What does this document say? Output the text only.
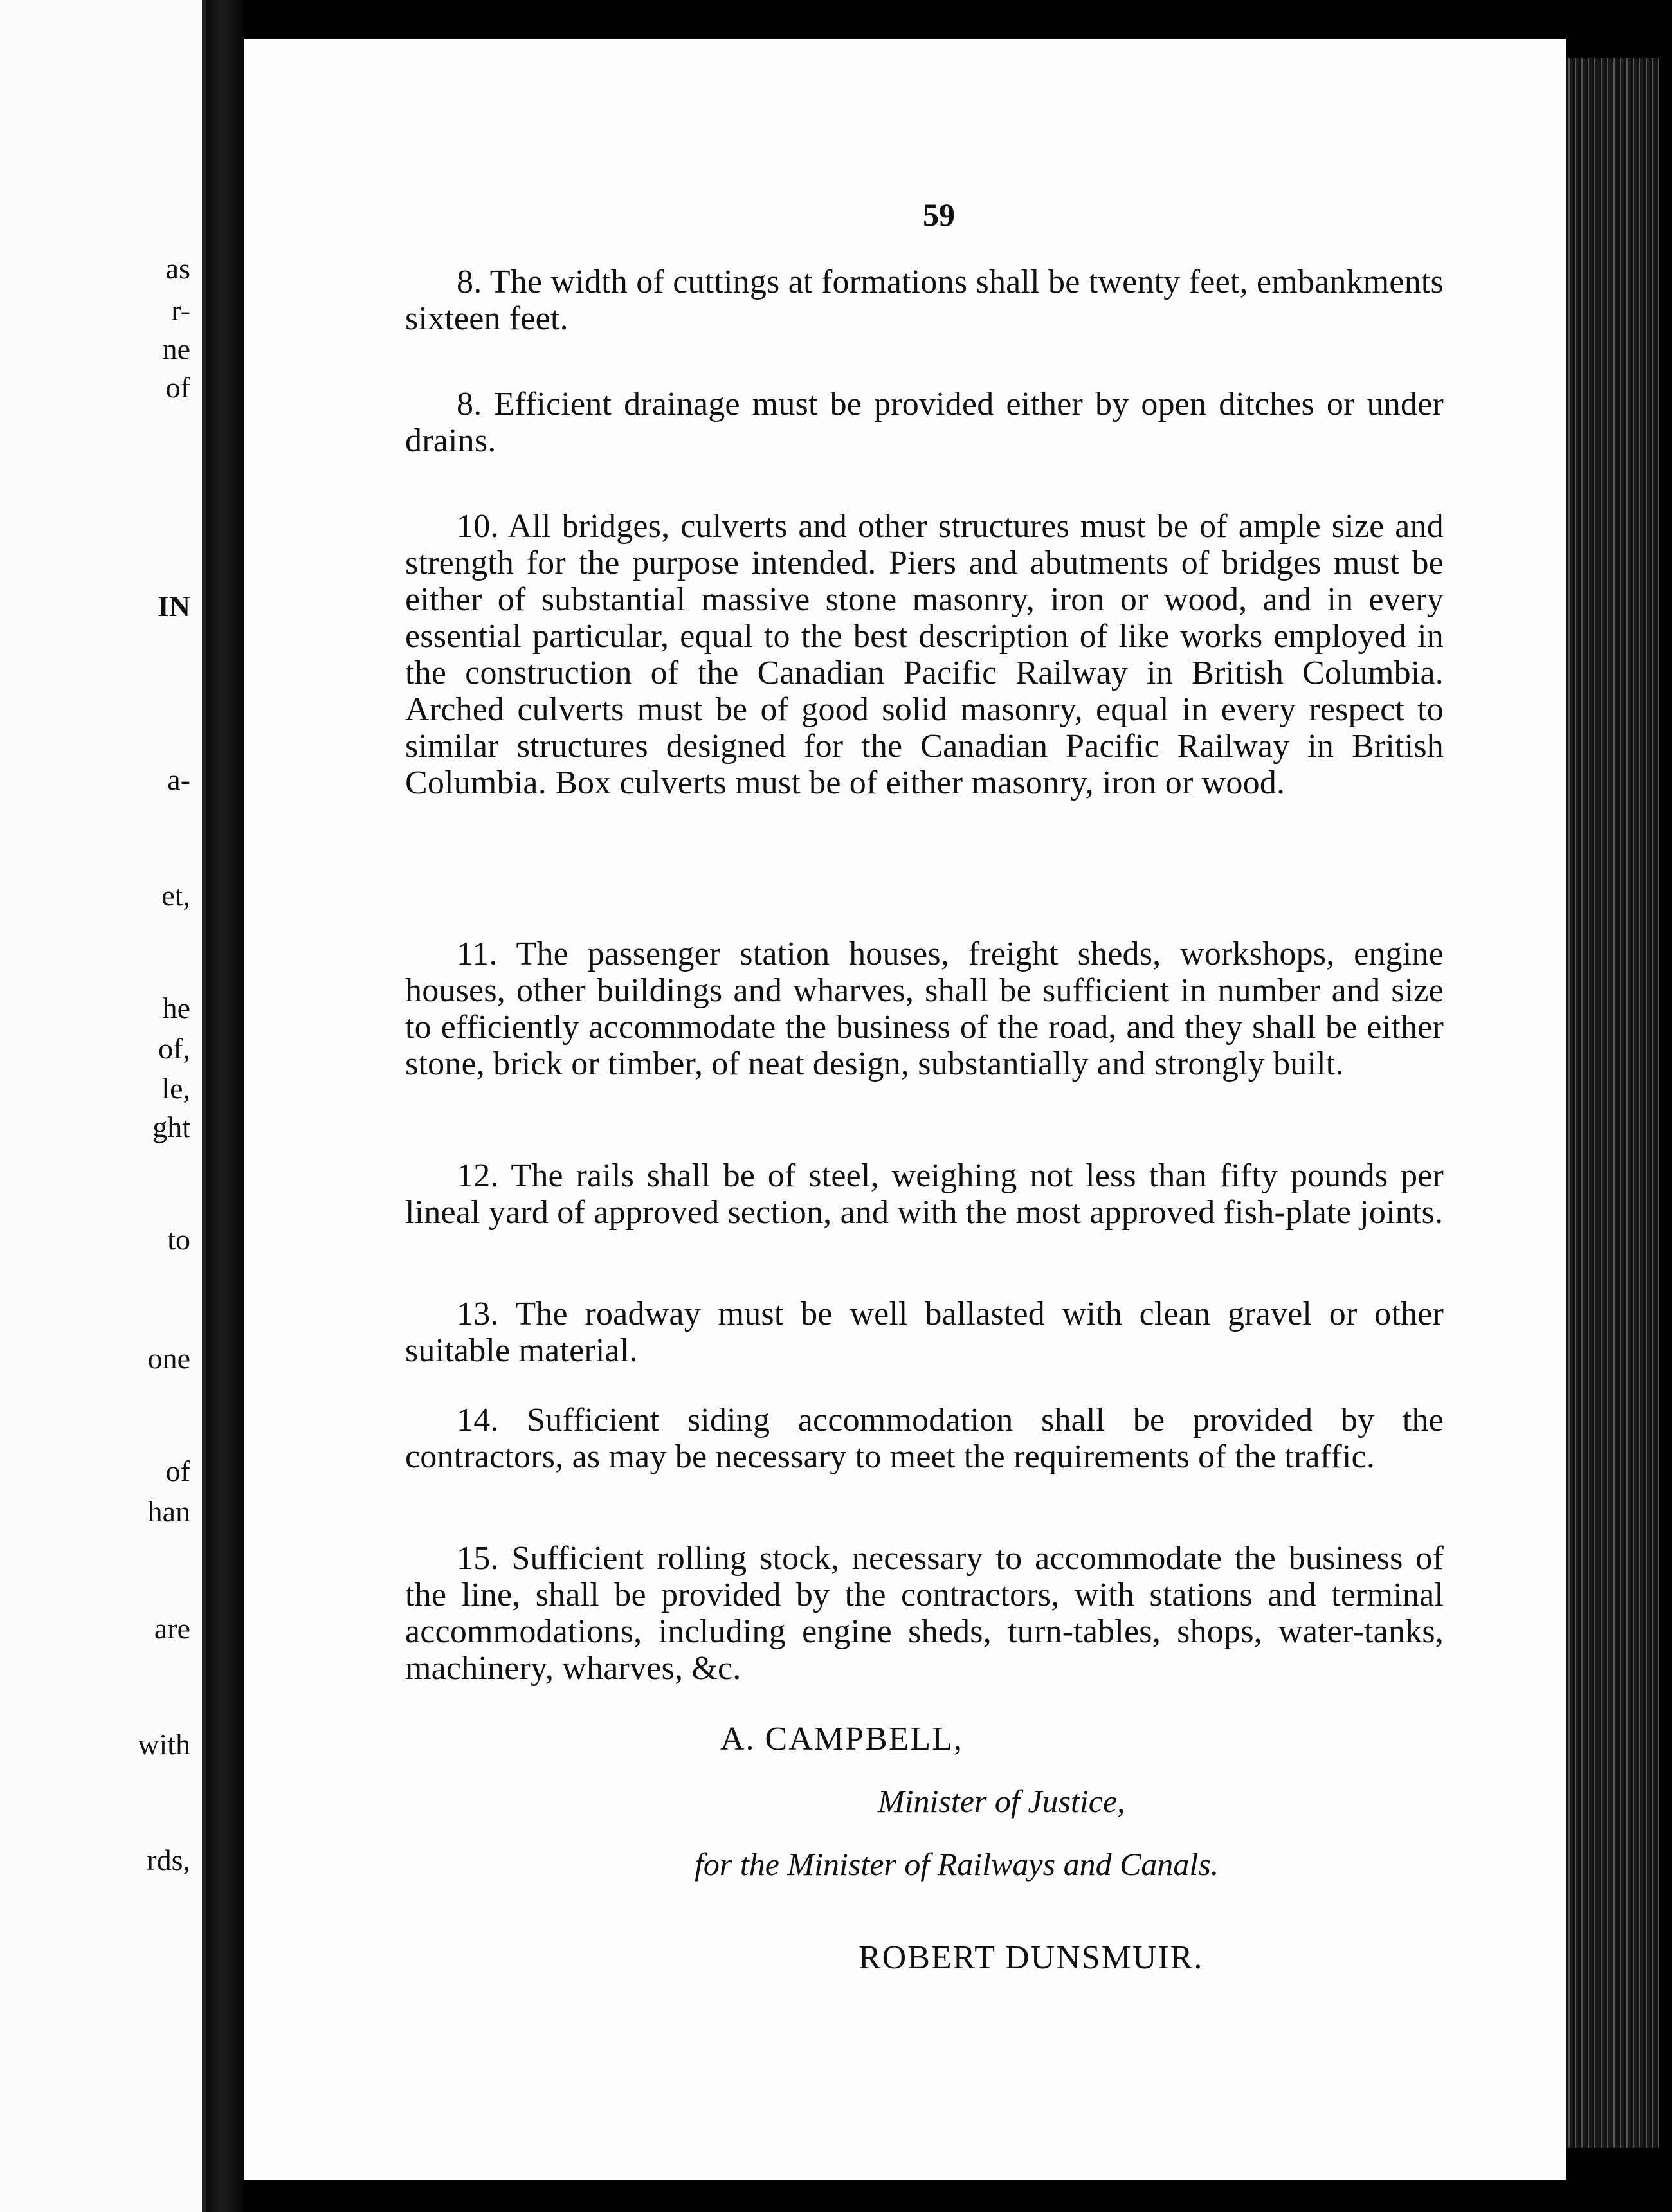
as
r-
ne
of
IN
a-
et,
he
of,
le,
ght
to
one
of
han
are
with
rds,
59
8. The width of cuttings at formations shall be twenty feet, embankments sixteen feet.
8. Efficient drainage must be provided either by open ditches or under drains.
10. All bridges, culverts and other structures must be of ample size and strength for the purpose intended. Piers and abutments of bridges must be either of substantial massive stone masonry, iron or wood, and in every essential particular, equal to the best description of like works employed in the construction of the Canadian Pacific Railway in British Columbia. Arched culverts must be of good solid masonry, equal in every respect to similar structures designed for the Canadian Pacific Railway in British Columbia. Box culverts must be of either masonry, iron or wood.
11. The passenger station houses, freight sheds, workshops, engine houses, other buildings and wharves, shall be sufficient in number and size to efficiently accommodate the business of the road, and they shall be either stone, brick or timber, of neat design, substantially and strongly built.
12. The rails shall be of steel, weighing not less than fifty pounds per lineal yard of approved section, and with the most approved fish-plate joints.
13. The roadway must be well ballasted with clean gravel or other suitable material.
14. Sufficient siding accommodation shall be provided by the contractors, as may be necessary to meet the requirements of the traffic.
15. Sufficient rolling stock, necessary to accommodate the business of the line, shall be provided by the contractors, with stations and terminal accommodations, including engine sheds, turn-tables, shops, water-tanks, machinery, wharves, &c.
A. CAMPBELL,
Minister of Justice,
for the Minister of Railways and Canals.
ROBERT DUNSMUIR.
